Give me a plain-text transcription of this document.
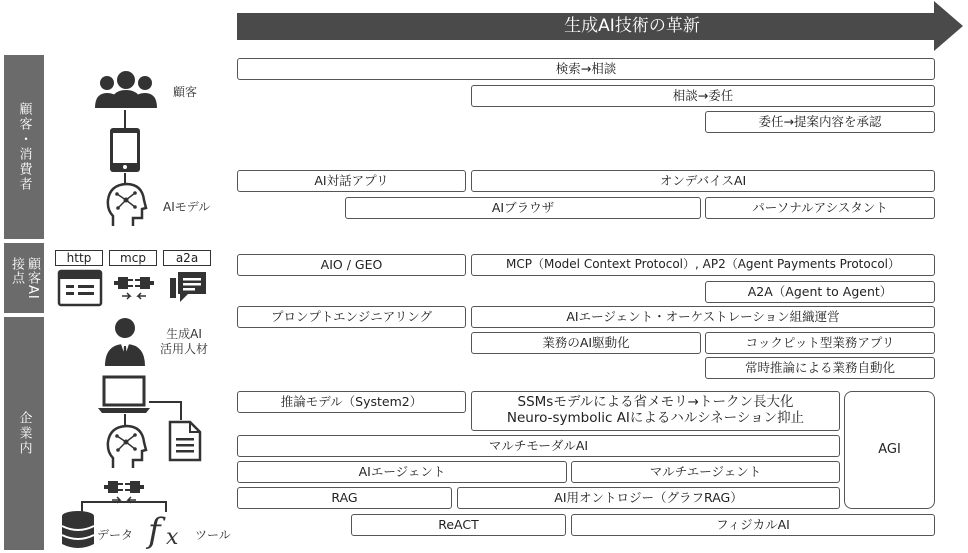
生成AI技術の革新
顧客・消費者
顧客AI
接点
企業内
顧客
AIモデル
http	mcp	a2a
生成AI
活用人材
データ f x ツール
検索→相談
相談→委任
委任→提案内容を承認
AI対話アプリ	オンデバイスAI
AIブラウザ	パーソナルアシスタント
AIO / GEO	MCP（Model Context Protocol）, AP2（Agent Payments Protocol）
A2A（Agent to Agent）
プロンプトエンジニアリング	AIエージェント・オーケストレーション組織運営
業務のAI駆動化	コックピット型業務アプリ
常時推論による業務自動化
推論モデル（System2）	SSMsモデルによる省メモリ→トークン長大化
Neuro-symbolic AIによるハルシネーション抑止
マルチモーダルAI
AIエージェント	マルチエージェント
RAG	AI用オントロジー（グラフRAG）
ReACT	フィジカルAI
AGI
